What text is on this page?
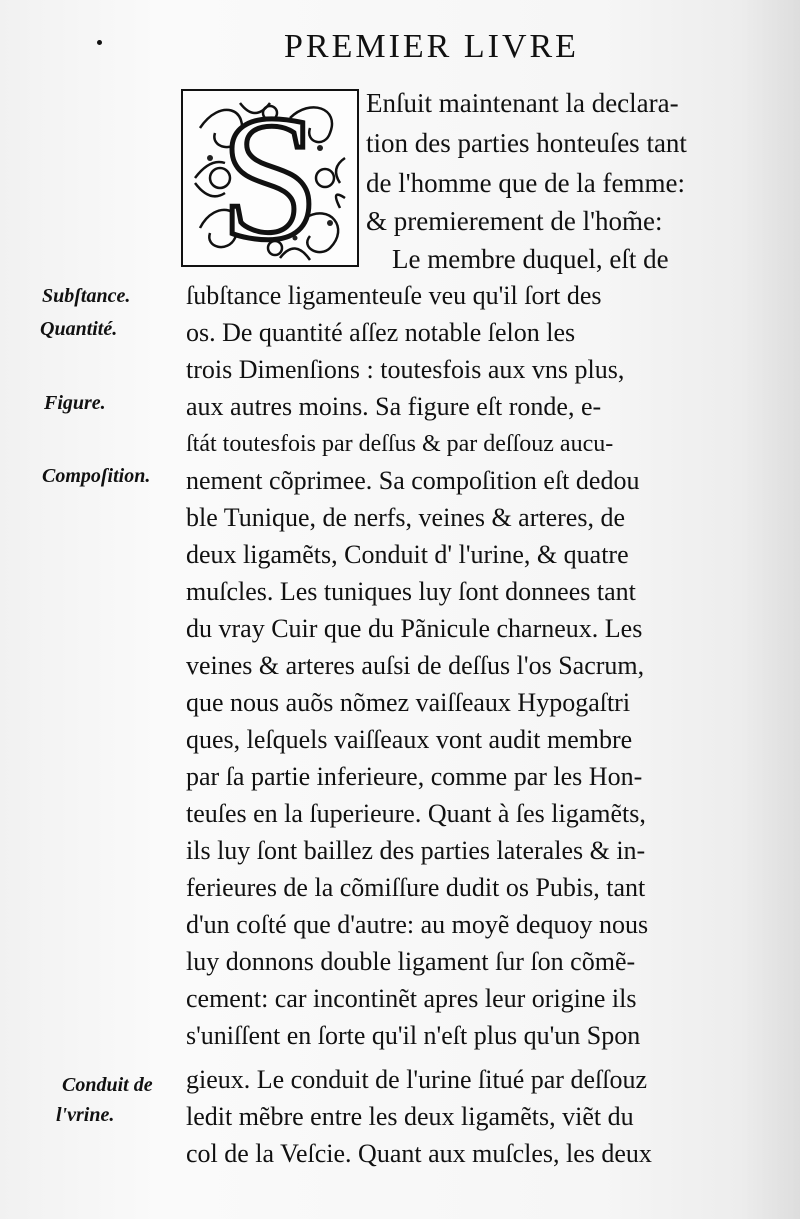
PREMIER LIVRE
S
Subſtance.
Quantité.
Figure.
Compoſition.
Conduit de
l'vrine.
Enſuit maintenant la declara-
tion des parties honteuſes tant
de l'homme que de la femme:
& premierement de l'hom̃e:
Le membre duquel, eſt de
ſubſtance ligamenteuſe veu qu'il ſort des
os. De quantité aſſez notable ſelon les
trois Dimenſions : toutesfois aux vns plus,
aux autres moins. Sa figure eſt ronde, e-
ſtát toutesfois par deſſus & par deſſouz aucu-
nement cõprimee. Sa compoſition eſt dedou
ble Tunique, de nerfs, veines & arteres, de
deux ligamẽts, Conduit d' l'urine, & quatre
muſcles. Les tuniques luy ſont donnees tant
du vray Cuir que du Pãnicule charneux. Les
veines & arteres auſsi de deſſus l'os Sacrum,
que nous auõs nõmez vaiſſeaux Hypogaſtri
ques, leſquels vaiſſeaux vont audit membre
par ſa partie inferieure, comme par les Hon-
teuſes en la ſuperieure. Quant à ſes ligamẽts,
ils luy ſont baillez des parties laterales & in-
ferieures de la cõmiſſure dudit os Pubis, tant
d'un coſté que d'autre: au moyẽ dequoy nous
luy donnons double ligament ſur ſon cõmẽ-
cement: car incontinẽt apres leur origine ils
s'uniſſent en ſorte qu'il n'eſt plus qu'un Spon
gieux. Le conduit de l'urine ſitué par deſſouz
ledit mẽbre entre les deux ligamẽts, viẽt du
col de la Veſcie. Quant aux muſcles, les deux
